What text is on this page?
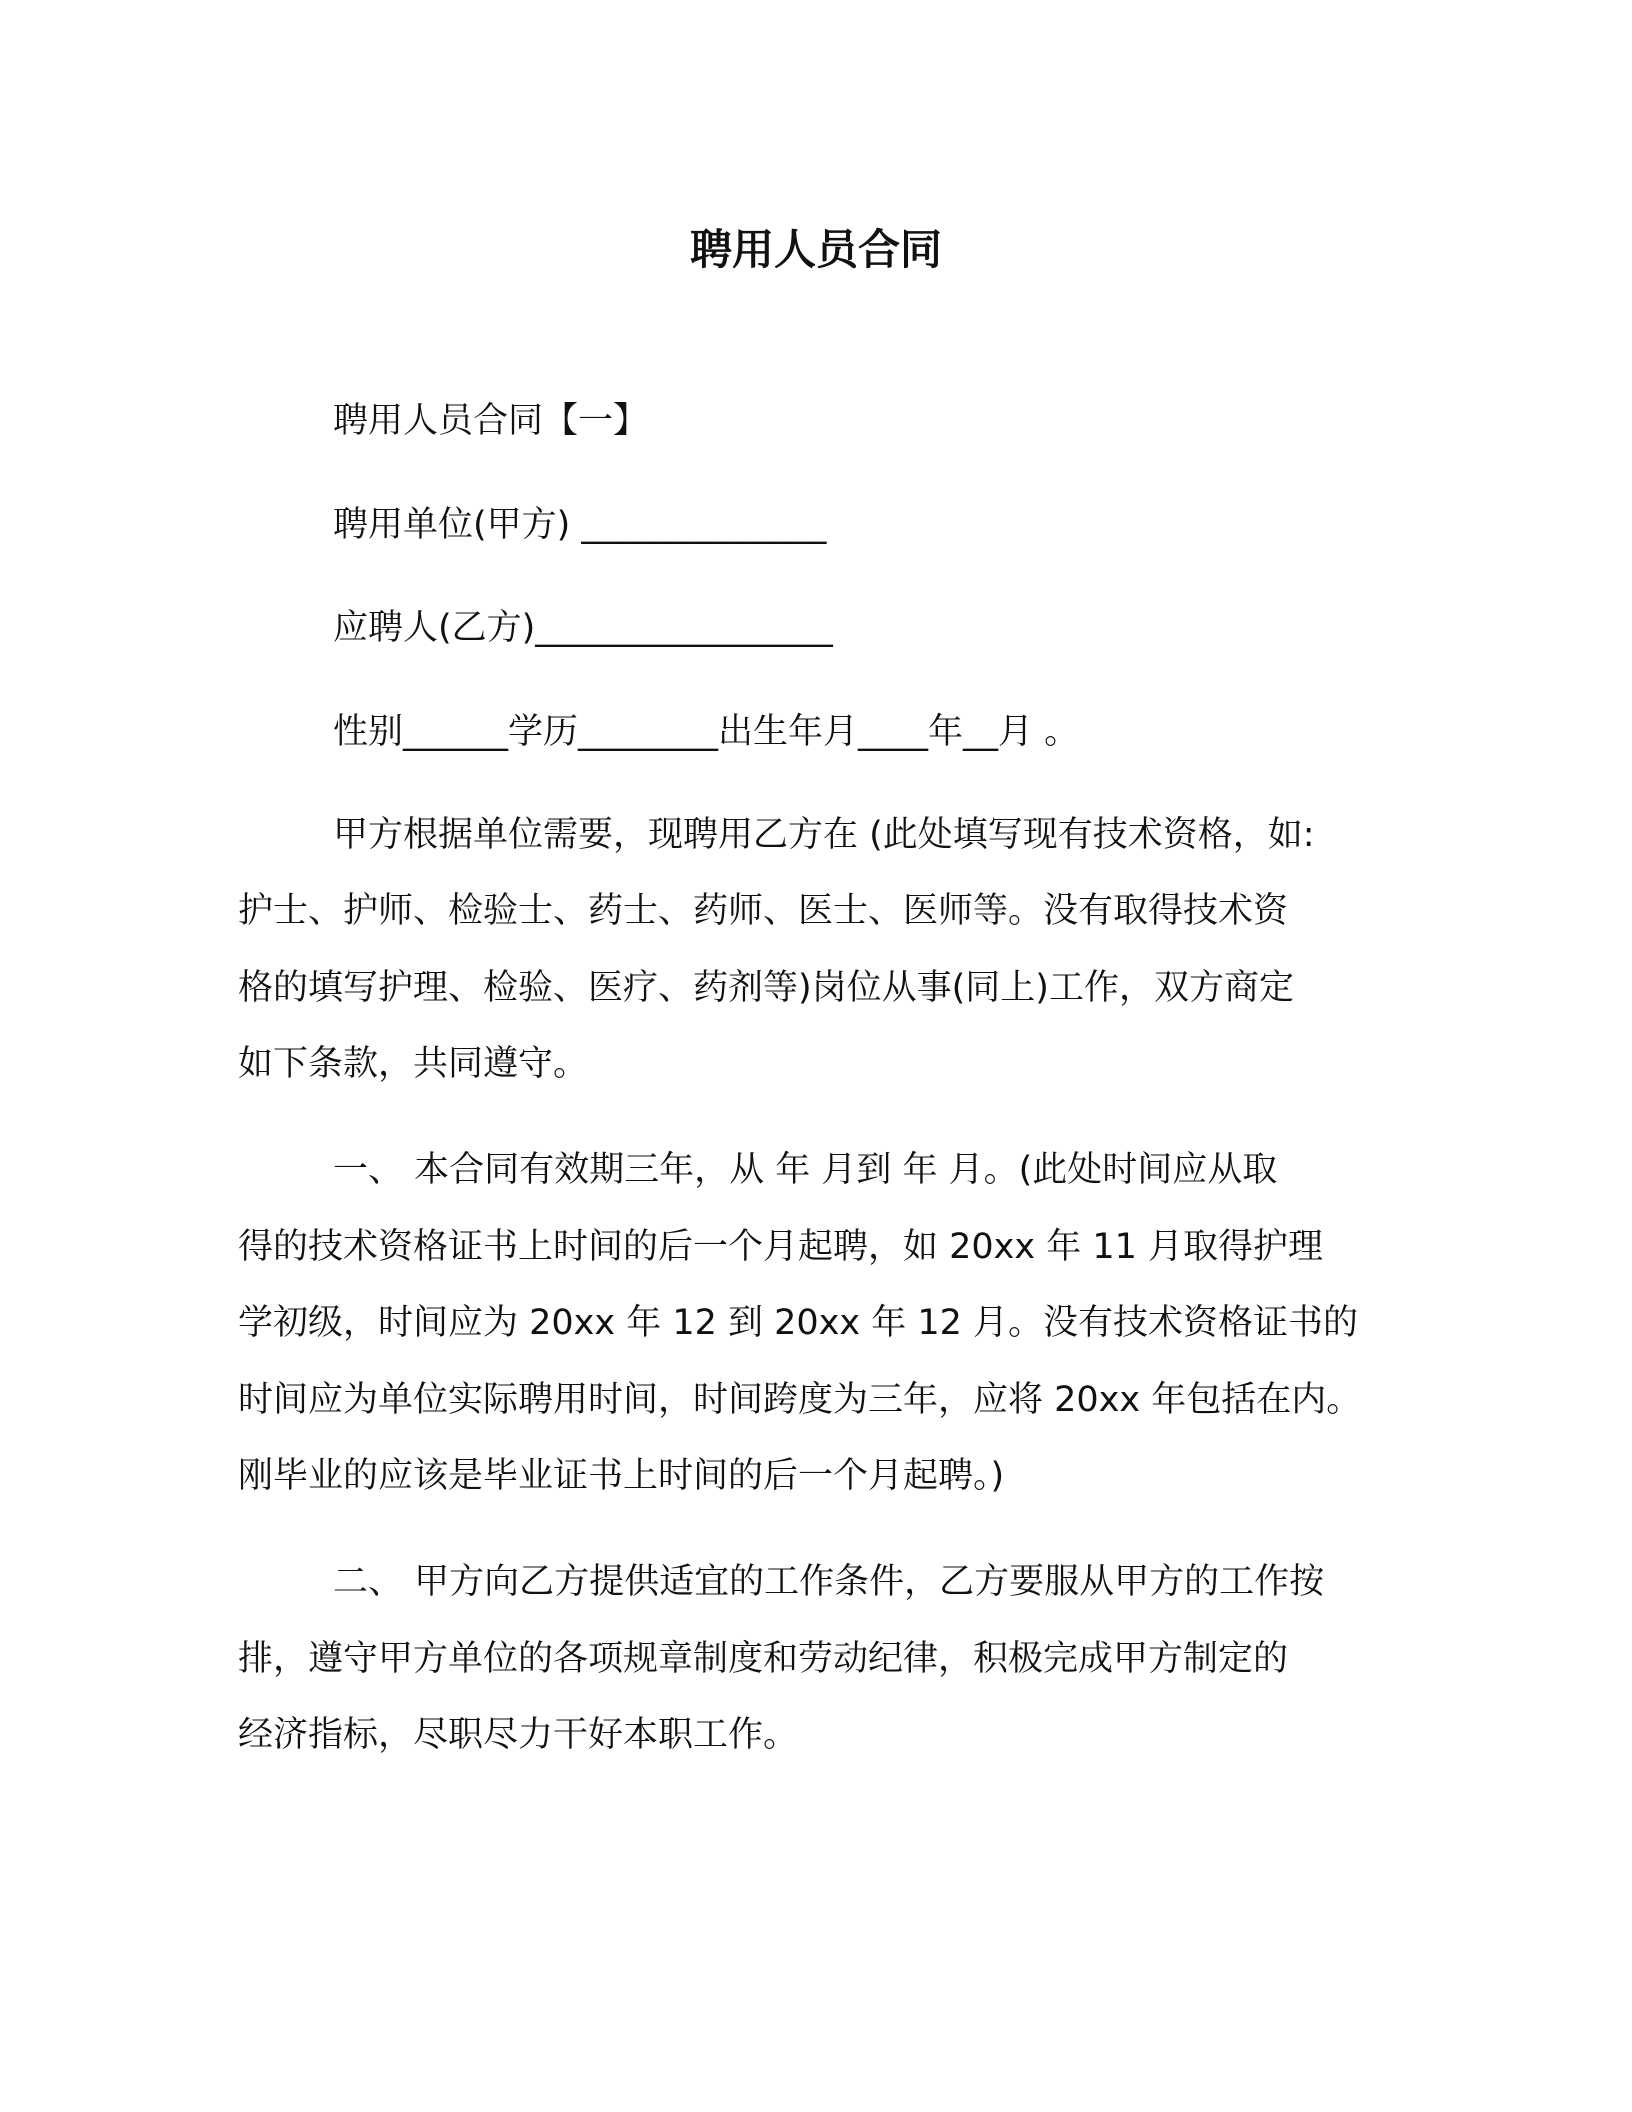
聘用人员合同
聘用人员合同【一】
聘用单位(甲方) ______________
应聘人(乙方)_________________
性别______学历________出生年月____年__月 。
甲方根据单位需要，现聘用乙方在 (此处填写现有技术资格，如:
护士、护师、检验士、药士、药师、医士、医师等。没有取得技术资
格的填写护理、检验、医疗、药剂等)岗位从事(同上)工作，双方商定
如下条款，共同遵守。
一、 本合同有效期三年，从 年 月到 年 月。(此处时间应从取
得的技术资格证书上时间的后一个月起聘，如 20xx 年 11 月取得护理
学初级，时间应为 20xx 年 12 到 20xx 年 12 月。没有技术资格证书的
时间应为单位实际聘用时间，时间跨度为三年，应将 20xx 年包括在内。
刚毕业的应该是毕业证书上时间的后一个月起聘。)
二、 甲方向乙方提供适宜的工作条件，乙方要服从甲方的工作按
排，遵守甲方单位的各项规章制度和劳动纪律，积极完成甲方制定的
经济指标，尽职尽力干好本职工作。
